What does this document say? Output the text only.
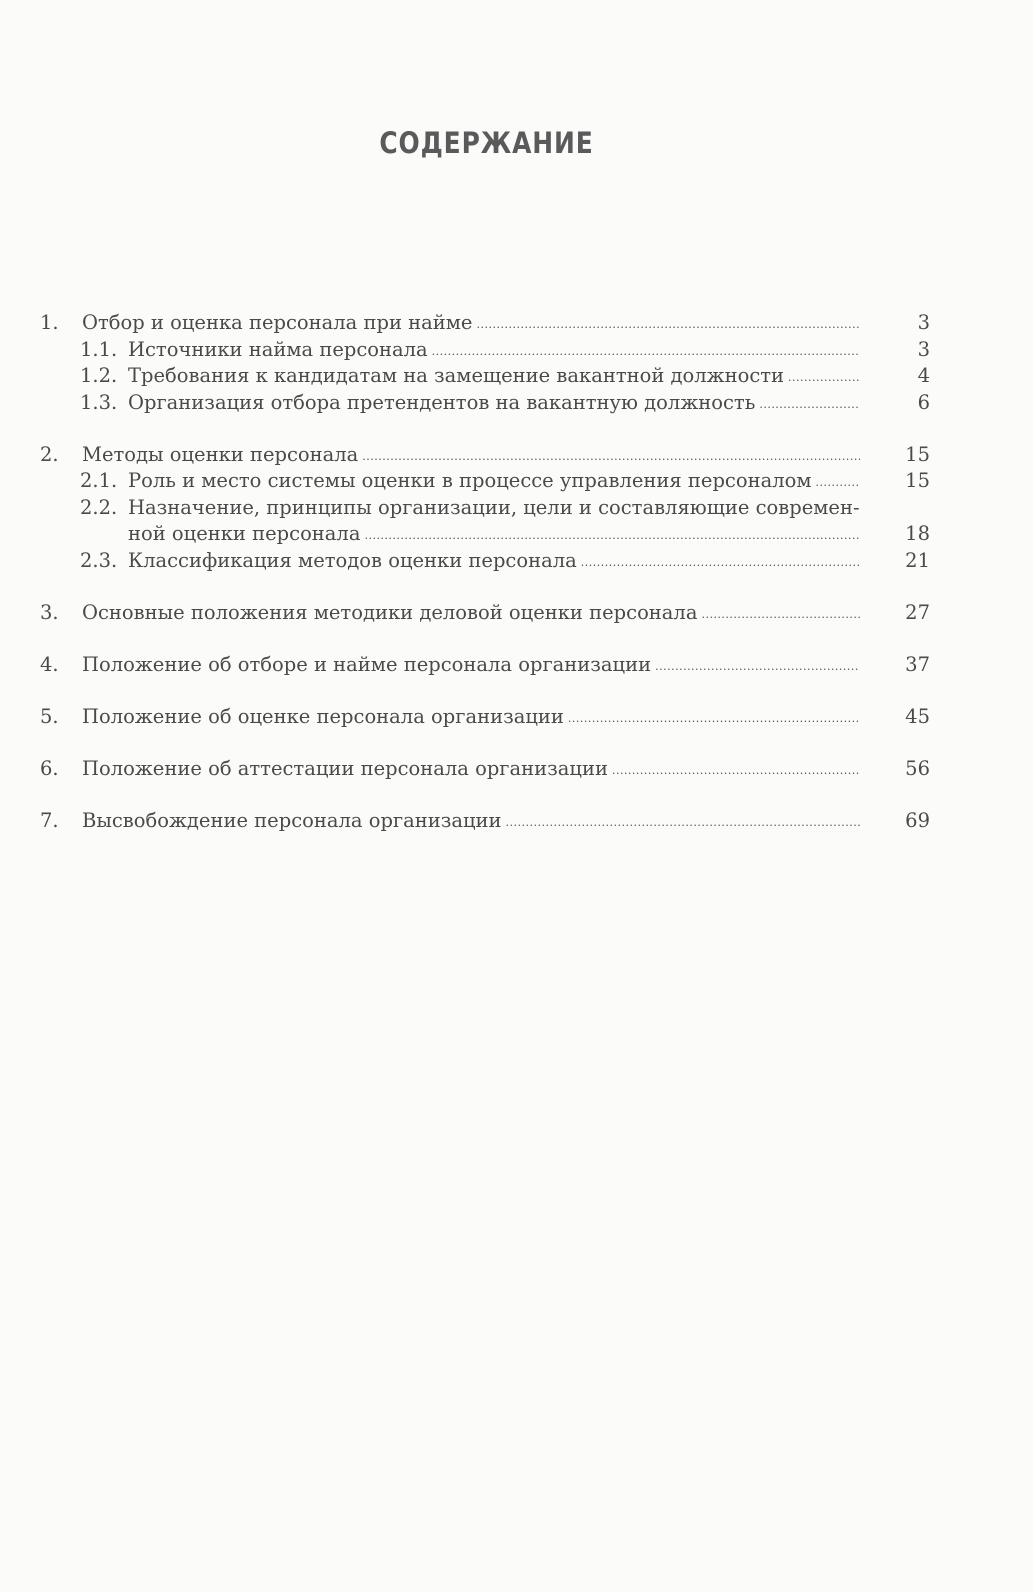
СОДЕРЖАНИЕ
1. Отбор и оценка персонала при найме .....	3
1.1. Источники найма персонала .....	3
1.2. Требования к кандидатам на замещение вакантной должности .....	4
1.3. Организация отбора претендентов на вакантную должность .....	6
2. Методы оценки персонала .....	15
2.1. Роль и место системы оценки в процессе управления персоналом .....	15
2.2. Назначение, принципы организации, цели и составляющие современ-
ной оценки персонала .....	18
2.3. Классификация методов оценки персонала .....	21
3. Основные положения методики деловой оценки персонала .....	27
4. Положение об отборе и найме персонала организации .....	37
5. Положение об оценке персонала организации .....	45
6. Положение об аттестации персонала организации .....	56
7. Высвобождение персонала организации .....	69
